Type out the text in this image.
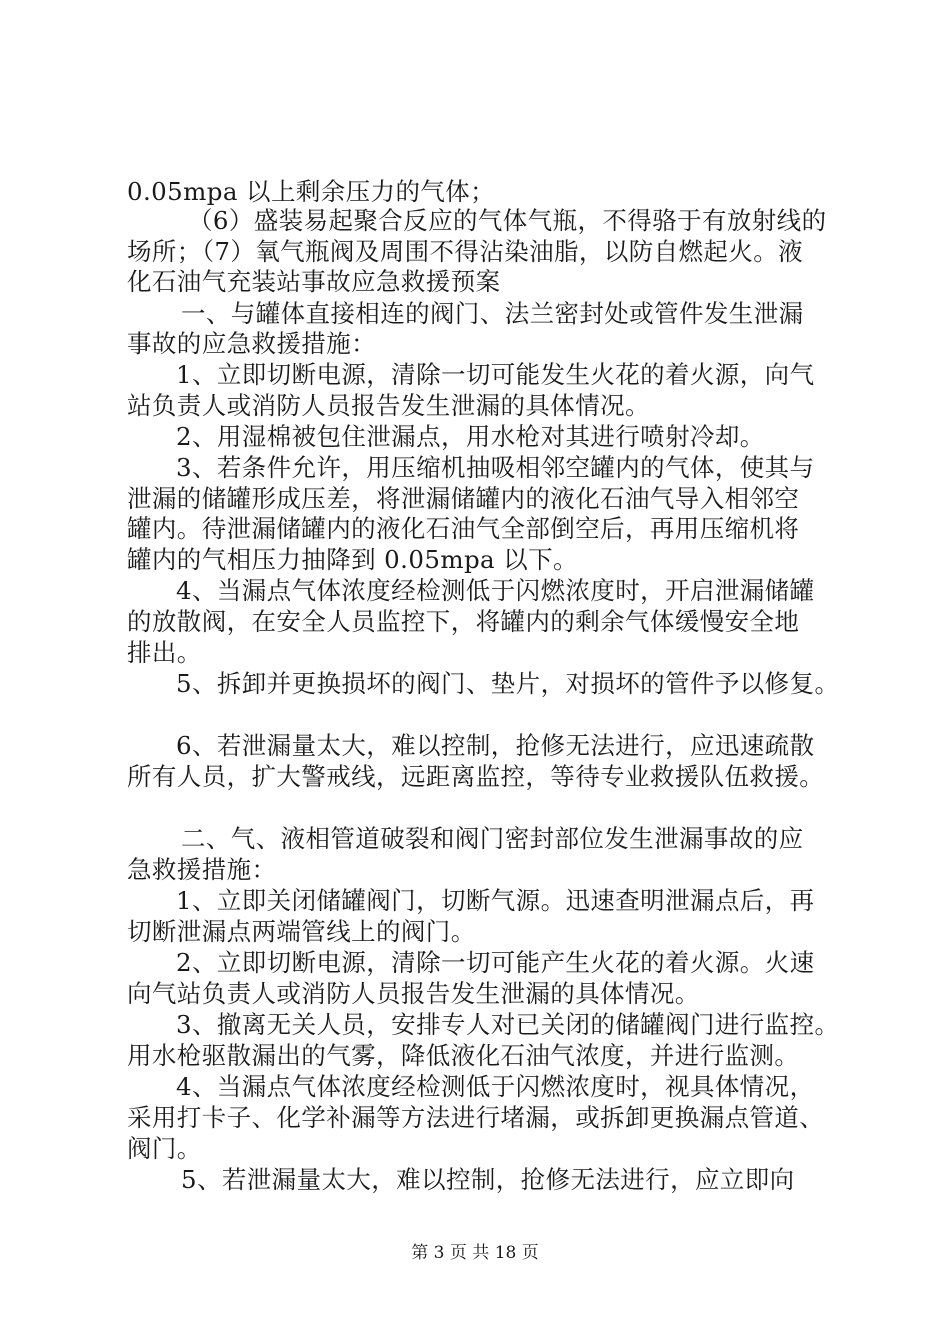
0.05mpa 以上剩余压力的气体；
（6）盛装易起聚合反应的气体气瓶，不得骆于有放射线的
场所；（7）氧气瓶阀及周围不得沾染油脂，以防自燃起火。液
化石油气充装站事故应急救援预案
一、与罐体直接相连的阀门、法兰密封处或管件发生泄漏
事故的应急救援措施：
1、立即切断电源，清除一切可能发生火花的着火源，向气
站负责人或消防人员报告发生泄漏的具体情况。
2、用湿棉被包住泄漏点，用水枪对其进行喷射冷却。
3、若条件允许，用压缩机抽吸相邻空罐内的气体，使其与
泄漏的储罐形成压差，将泄漏储罐内的液化石油气导入相邻空
罐内。待泄漏储罐内的液化石油气全部倒空后，再用压缩机将
罐内的气相压力抽降到 0.05mpa 以下。
4、当漏点气体浓度经检测低于闪燃浓度时，开启泄漏储罐
的放散阀，在安全人员监控下，将罐内的剩余气体缓慢安全地
排出。
5、拆卸并更换损坏的阀门、垫片，对损坏的管件予以修复。
6、若泄漏量太大，难以控制，抢修无法进行，应迅速疏散
所有人员，扩大警戒线，远距离监控，等待专业救援队伍救援。
二、气、液相管道破裂和阀门密封部位发生泄漏事故的应
急救援措施：
1、立即关闭储罐阀门，切断气源。迅速查明泄漏点后，再
切断泄漏点两端管线上的阀门。
2、立即切断电源，清除一切可能产生火花的着火源。火速
向气站负责人或消防人员报告发生泄漏的具体情况。
3、撤离无关人员，安排专人对已关闭的储罐阀门进行监控。
用水枪驱散漏出的气雾，降低液化石油气浓度，并进行监测。
4、当漏点气体浓度经检测低于闪燃浓度时，视具体情况，
采用打卡子、化学补漏等方法进行堵漏，或拆卸更换漏点管道、
阀门。
5、若泄漏量太大，难以控制，抢修无法进行，应立即向
第 3 页 共 18 页
